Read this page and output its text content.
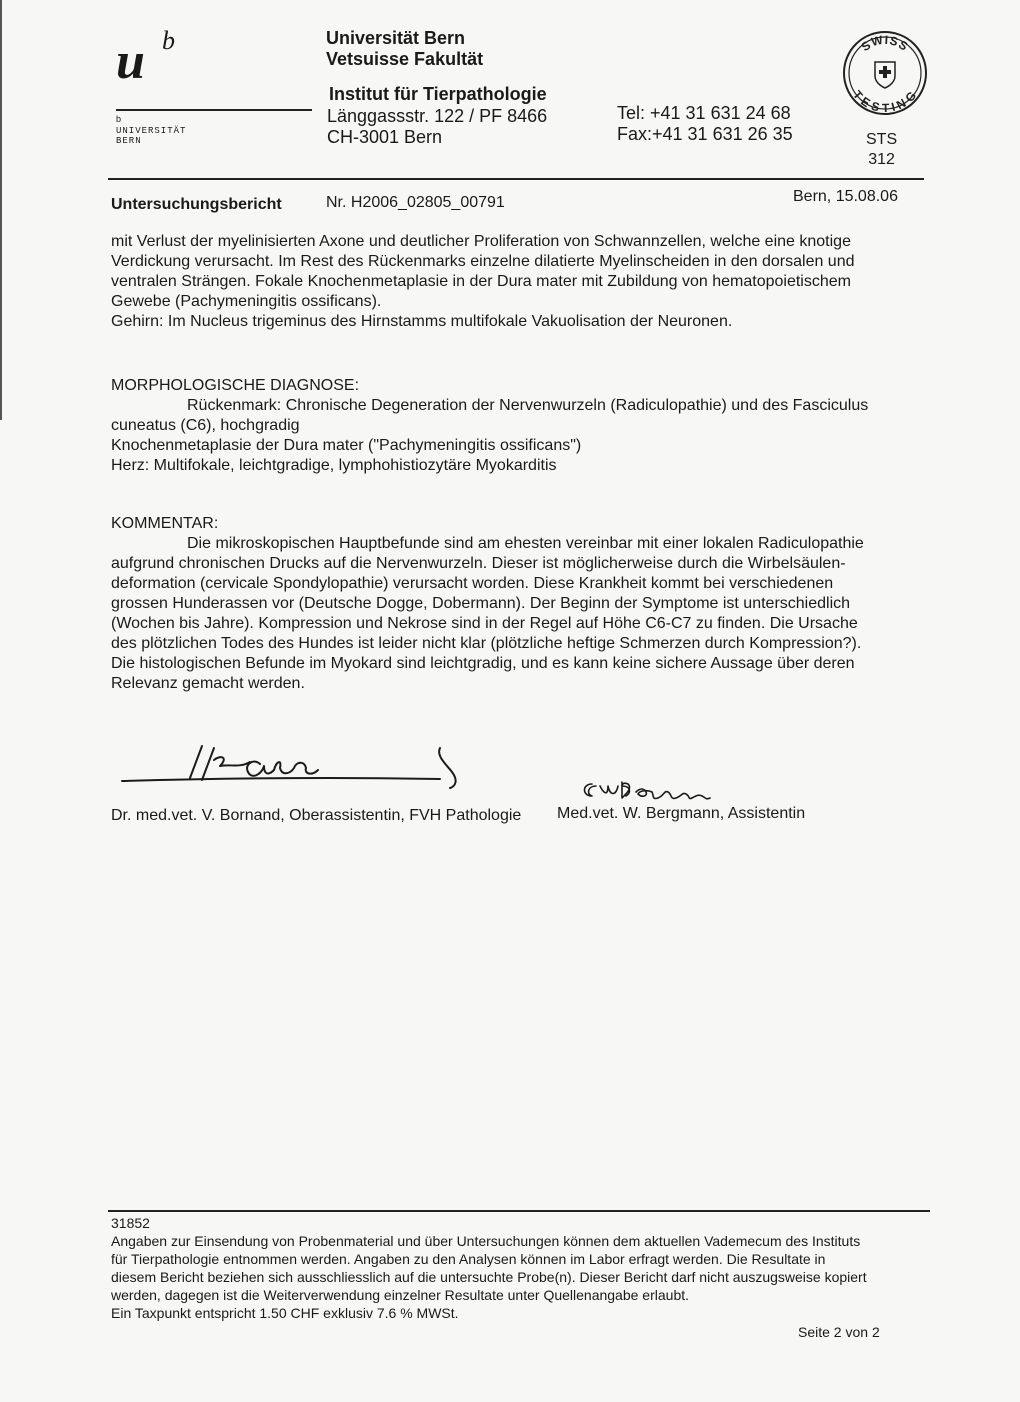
u b
b
UNIVERSITÄT
BERN
Universität Bern
Vetsuisse Fakultät
Institut für Tierpathologie
Länggassstr. 122 / PF 8466
CH-3001 Bern
Tel: +41 31 631 24 68
Fax:+41 31 631 26 35
SWISS
TESTING
STS
312
Untersuchungsbericht	Nr. H2006_02805_00791	Bern, 15.08.06
mit Verlust der myelinisierten Axone und deutlicher Proliferation von Schwannzellen, welche eine knotige
Verdickung verursacht. Im Rest des Rückenmarks einzelne dilatierte Myelinscheiden in den dorsalen und
ventralen Strängen. Fokale Knochenmetaplasie in der Dura mater mit Zubildung von hematopoietischem
Gewebe (Pachymeningitis ossificans).
Gehirn: Im Nucleus trigeminus des Hirnstamms multifokale Vakuolisation der Neuronen.
MORPHOLOGISCHE DIAGNOSE:
Rückenmark: Chronische Degeneration der Nervenwurzeln (Radiculopathie) und des Fasciculus
cuneatus (C6), hochgradig
Knochenmetaplasie der Dura mater ("Pachymeningitis ossificans")
Herz: Multifokale, leichtgradige, lymphohistiozytäre Myokarditis
KOMMENTAR:
Die mikroskopischen Hauptbefunde sind am ehesten vereinbar mit einer lokalen Radiculopathie
aufgrund chronischen Drucks auf die Nervenwurzeln. Dieser ist möglicherweise durch die Wirbelsäulen-
deformation (cervicale Spondylopathie) verursacht worden. Diese Krankheit kommt bei verschiedenen
grossen Hunderassen vor (Deutsche Dogge, Dobermann). Der Beginn der Symptome ist unterschiedlich
(Wochen bis Jahre). Kompression und Nekrose sind in der Regel auf Höhe C6-C7 zu finden. Die Ursache
des plötzlichen Todes des Hundes ist leider nicht klar (plötzliche heftige Schmerzen durch Kompression?).
Die histologischen Befunde im Myokard sind leichtgradig, und es kann keine sichere Aussage über deren
Relevanz gemacht werden.
Dr. med.vet. V. Bornand, Oberassistentin, FVH Pathologie Med.vet. W. Bergmann, Assistentin
31852
Angaben zur Einsendung von Probenmaterial und über Untersuchungen können dem aktuellen Vademecum des Instituts
für Tierpathologie entnommen werden. Angaben zu den Analysen können im Labor erfragt werden. Die Resultate in
diesem Bericht beziehen sich ausschliesslich auf die untersuchte Probe(n). Dieser Bericht darf nicht auszugsweise kopiert
werden, dagegen ist die Weiterverwendung einzelner Resultate unter Quellenangabe erlaubt.
Ein Taxpunkt entspricht 1.50 CHF exklusiv 7.6 % MWSt.
Seite 2 von 2
